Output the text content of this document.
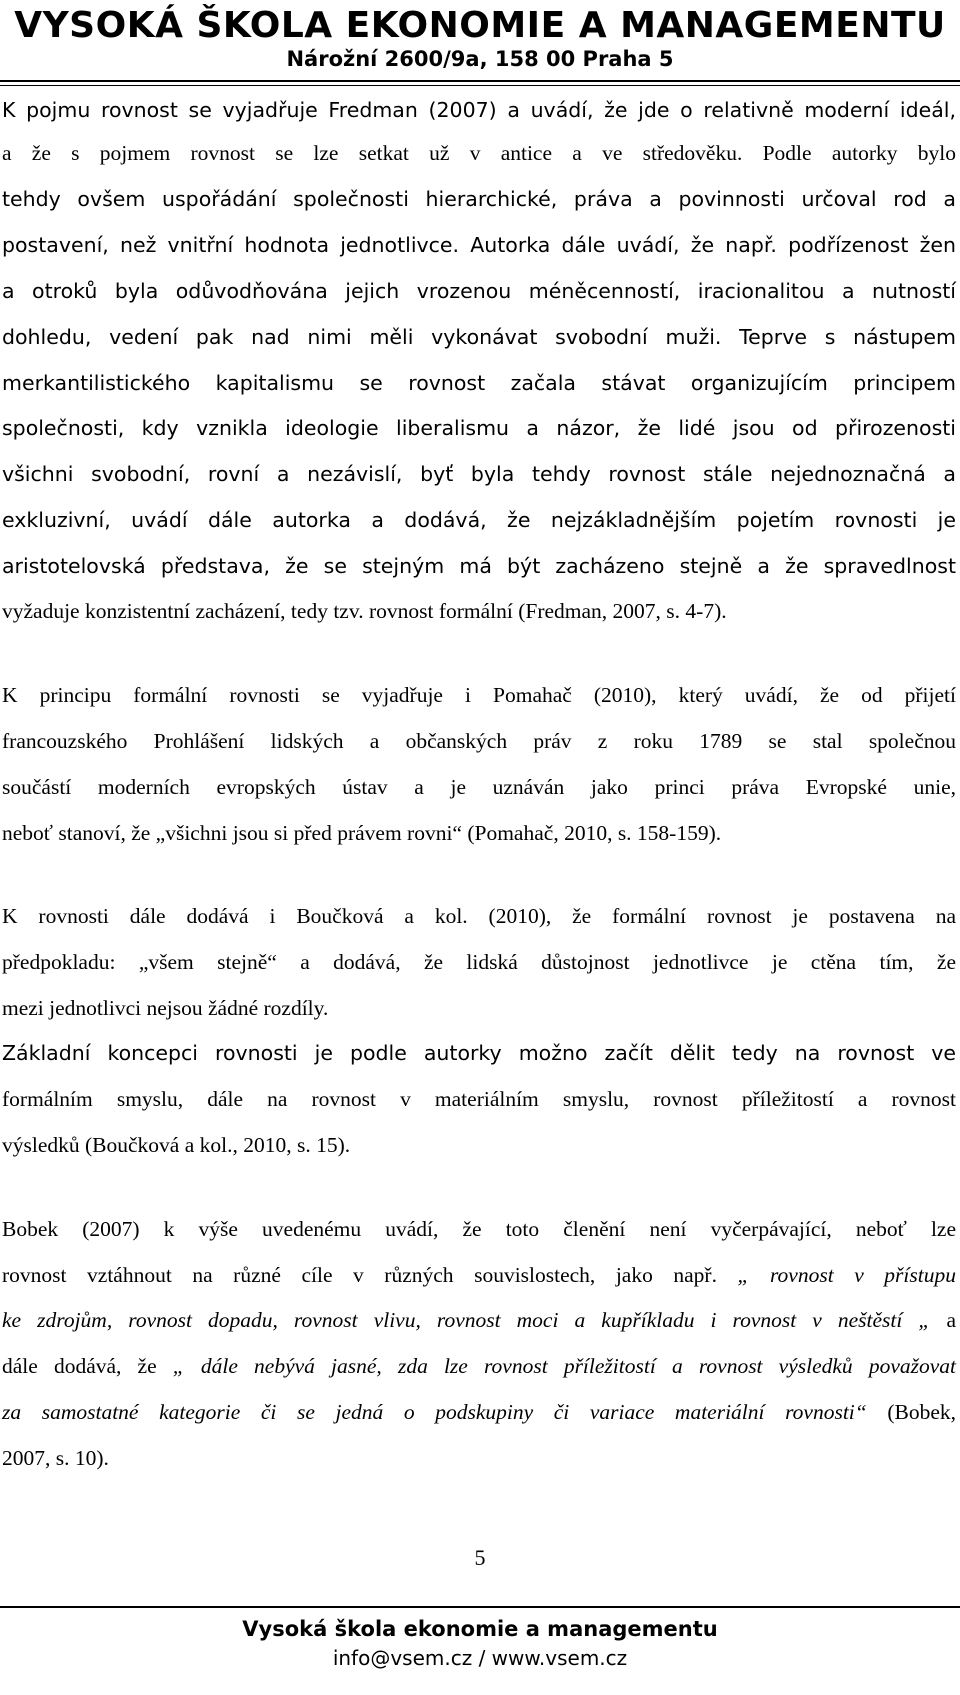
VYSOKÁ ŠKOLA EKONOMIE A MANAGEMENTU
Nárožní 2600/9a, 158 00 Praha 5
K pojmu rovnost se vyjadřuje Fredman (2007) a uvádí, že jde o relativně moderní ideál,
a že s pojmem rovnost se lze setkat už v antice a ve středověku. Podle autorky bylo
tehdy ovšem uspořádání společnosti hierarchické, práva a povinnosti určoval rod a
postavení, než vnitřní hodnota jednotlivce. Autorka dále uvádí, že např. podřízenost žen
a otroků byla odůvodňována jejich vrozenou méněcenností, iracionalitou a nutností
dohledu, vedení pak nad nimi měli vykonávat svobodní muži. Teprve s nástupem
merkantilistického kapitalismu se rovnost začala stávat organizujícím principem
společnosti, kdy vznikla ideologie liberalismu a názor, že lidé jsou od přirozenosti
všichni svobodní, rovní a nezávislí, byť byla tehdy rovnost stále nejednoznačná a
exkluzivní, uvádí dále autorka a dodává, že nejzákladnějším pojetím rovnosti je
aristotelovská představa, že se stejným má být zacházeno stejně a že spravedlnost
vyžaduje konzistentní zacházení, tedy tzv. rovnost formální (Fredman, 2007, s. 4-7).
K principu formální rovnosti se vyjadřuje i Pomahač (2010), který uvádí, že od přijetí
francouzského Prohlášení lidských a občanských práv z roku 1789 se stal společnou
součástí moderních evropských ústav a je uznáván jako princi práva Evropské unie,
neboť stanoví, že „všichni jsou si před právem rovni“ (Pomahač, 2010, s. 158-159).
K rovnosti dále dodává i Boučková a kol. (2010), že formální rovnost je postavena na
předpokladu: „všem stejně“ a dodává, že lidská důstojnost jednotlivce je ctěna tím, že
mezi jednotlivci nejsou žádné rozdíly.
Základní koncepci rovnosti je podle autorky možno začít dělit tedy na rovnost ve
formálním smyslu, dále na rovnost v materiálním smyslu, rovnost příležitostí a rovnost
výsledků (Boučková a kol., 2010, s. 15).
Bobek (2007) k výše uvedenému uvádí, že toto členění není vyčerpávající, neboť lze
rovnost vztáhnout na různé cíle v různých souvislostech, jako např. „ rovnost v přístupu
ke zdrojům, rovnost dopadu, rovnost vlivu, rovnost moci a kupříkladu i rovnost v neštěstí „ a
dále dodává, že „ dále nebývá jasné, zda lze rovnost příležitostí a rovnost výsledků považovat
za samostatné kategorie či se jedná o podskupiny či variace materiální rovnosti“ (Bobek,
2007, s. 10).
5
Vysoká škola ekonomie a managementu
info@vsem.cz / www.vsem.cz
